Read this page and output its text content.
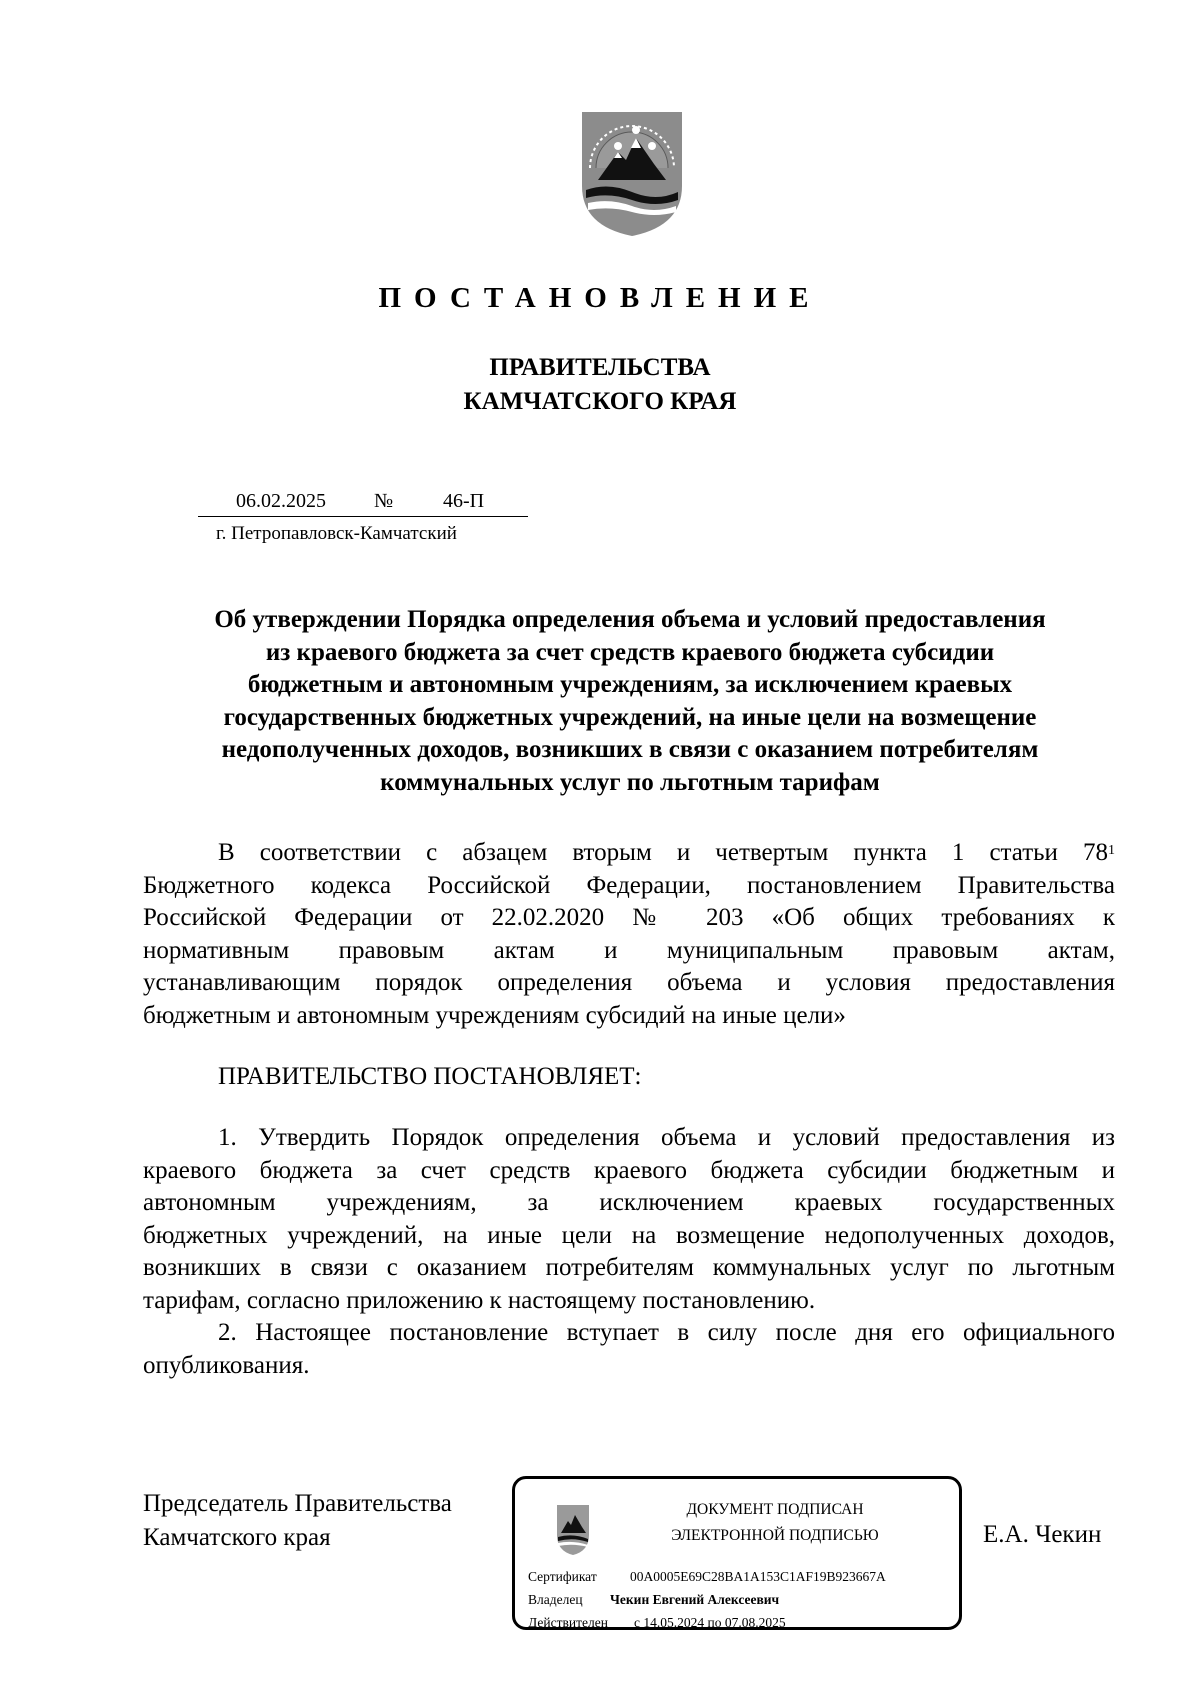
ПОСТАНОВЛЕНИЕ
ПРАВИТЕЛЬСТВА
КАМЧАТСКОГО КРАЯ
06.02.2025 № 46-П
г. Петропавловск-Камчатский
Об утверждении Порядка определения объема и условий предоставления
из краевого бюджета за счет средств краевого бюджета субсидии
бюджетным и автономным учреждениям, за исключением краевых
государственных бюджетных учреждений, на иные цели на возмещение
недополученных доходов, возникших в связи с оказанием потребителям
коммунальных услуг по льготным тарифам
В соответствии с абзацем вторым и четвертым пункта 1 статьи $78^1$
Бюджетного кодекса Российской Федерации, постановлением Правительства
Российской Федерации от 22.02.2020 № 203 «Об общих требованиях к
нормативным правовым актам и муниципальным правовым актам,
устанавливающим порядок определения объема и условия предоставления
бюджетным и автономным учреждениям субсидий на иные цели»
ПРАВИТЕЛЬСТВО ПОСТАНОВЛЯЕТ:
1. Утвердить Порядок определения объема и условий предоставления из
краевого бюджета за счет средств краевого бюджета субсидии бюджетным и
автономным учреждениям, за исключением краевых государственных
бюджетных учреждений, на иные цели на возмещение недополученных доходов,
возникших в связи с оказанием потребителям коммунальных услуг по льготным
тарифам, согласно приложению к настоящему постановлению.
2. Настоящее постановление вступает в силу после дня его официального
опубликования.
Председатель Правительства
Камчатского края
ДОКУМЕНТ ПОДПИСАН
ЭЛЕКТРОННОЙ ПОДПИСЬЮ
Сертификат 00A0005E69C28BA1A153C1AF19B923667A
Владелец Чекин Евгений Алексеевич
Действителен с 14.05.2024 по 07.08.2025
Е.А. Чекин
